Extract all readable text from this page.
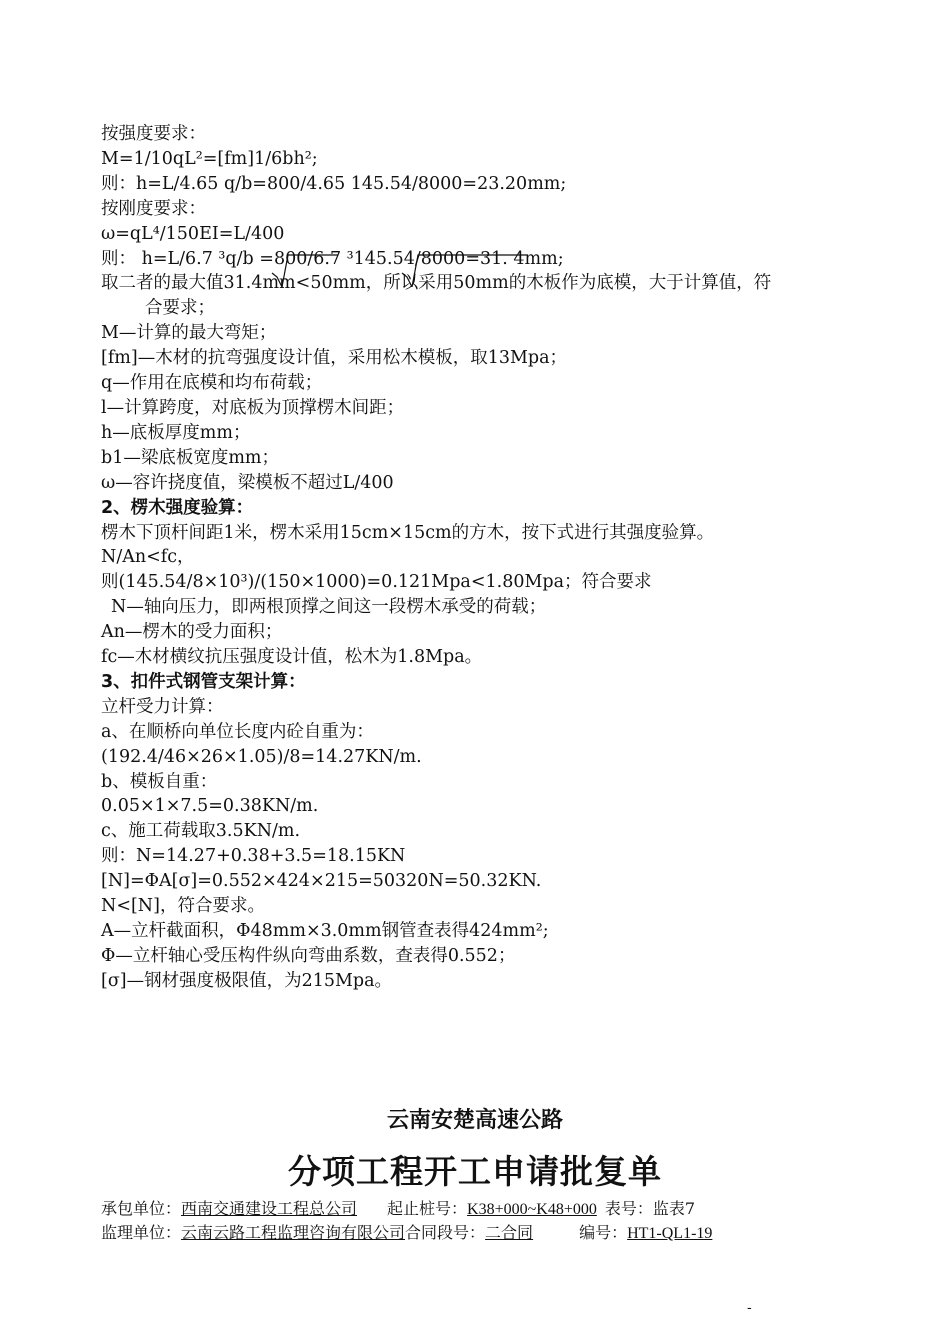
按强度要求：
M=1/10qL²=[fm]1/6bh²;
则：h=L/4.65 q/b=800/4.65 145.54/8000=23.20mm;
按刚度要求：
ω=qL⁴/150EI=L/400
则： h=L/6.7 ³q/b =800/6.7 ³145.54/8000=31. 4mm;
取二者的最大值31.4mm<50mm，所以采用50mm的木板作为底模，大于计算值，符
合要求；
M—计算的最大弯矩；
[fm]—木材的抗弯强度设计值，采用松木模板，取13Mpa；
q—作用在底模和均布荷载；
l—计算跨度，对底板为顶撑楞木间距；
h—底板厚度mm；
b1—梁底板宽度mm；
ω—容许挠度值，梁模板不超过L/400
2、楞木强度验算：
楞木下顶杆间距1米，楞木采用15cm×15cm的方木，按下式进行其强度验算。
N/An<fc，
则(145.54/8×10³)/(150×1000)=0.121Mpa<1.80Mpa；符合要求
N—轴向压力，即两根顶撑之间这一段楞木承受的荷载；
An—楞木的受力面积；
fc—木材横纹抗压强度设计值，松木为1.8Mpa。
3、扣件式钢管支架计算：
立杆受力计算：
a、在顺桥向单位长度内砼自重为：
(192.4/46×26×1.05)/8=14.27KN/m.
b、模板自重：
0.05×1×7.5=0.38KN/m.
c、施工荷载取3.5KN/m.
则：N=14.27+0.38+3.5=18.15KN
[N]=ΦA[σ]=0.552×424×215=50320N=50.32KN.
N<[N]，符合要求。
A—立杆截面积，Φ48mm×3.0mm钢管查表得424mm²;
Φ—立杆轴心受压构件纵向弯曲系数，查表得0.552；
[σ]—钢材强度极限值，为215Mpa。
云南安楚高速公路
分项工程开工申请批复单
承包单位：西南交通建设工程总公司 起止桩号：K38+000~K48+000 表号：监表7
监理单位：云南云路工程监理咨询有限公司合同段号：二合同	编号：HT1-QL1-19
-
